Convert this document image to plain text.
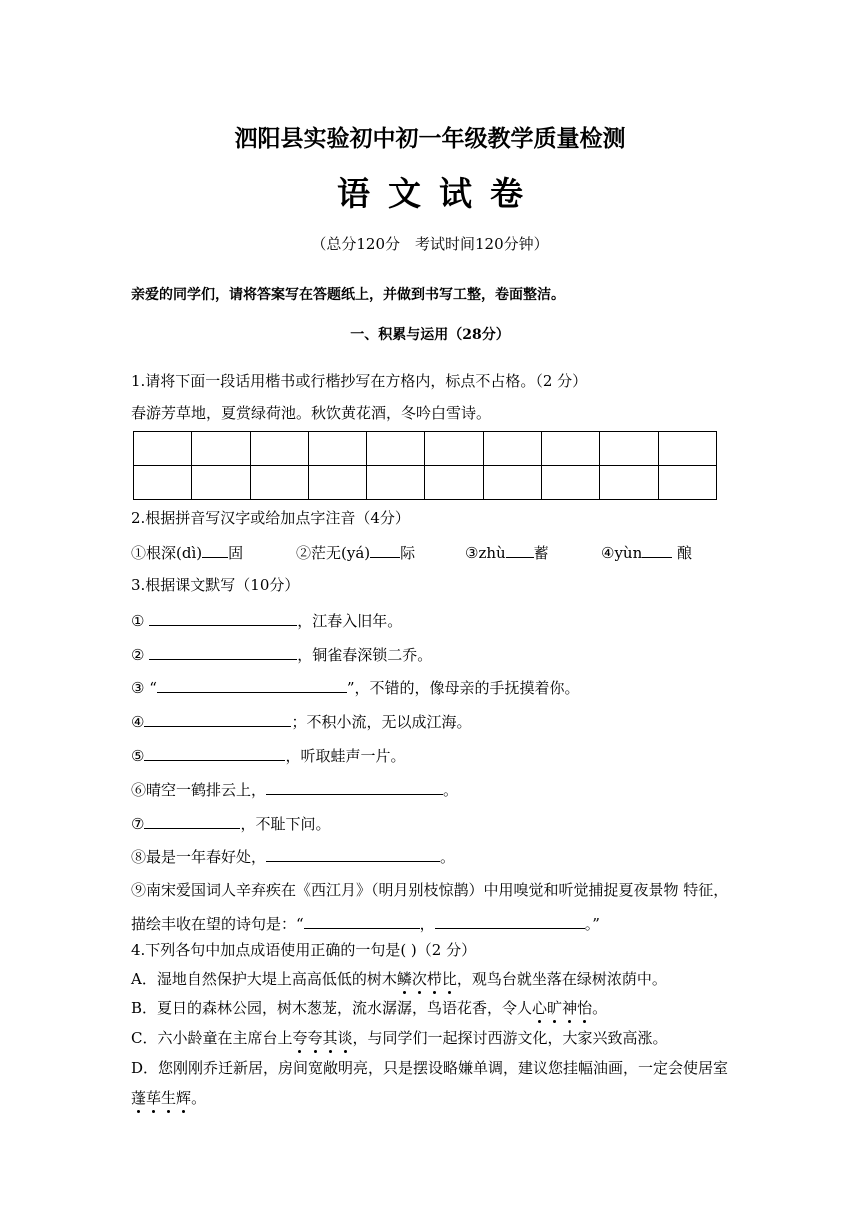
泗阳县实验初中初一年级教学质量检测
语文试卷
（总分120分　考试时间120分钟）
亲爱的同学们，请将答案写在答题纸上，并做到书写工整，卷面整洁。
一、积累与运用（28分）
1.请将下面一段话用楷书或行楷抄写在方格内，标点不占格。（2 分）
春游芳草地，夏赏绿荷池。秋饮黄花酒，冬吟白雪诗。

2.根据拼音写汉字或给加点字注音（4分）
①根深(dì) 固	②茫无(yá) 际	③zhù 蓄	④yùn 酿
3.根据课文默写（10分）
①	，江春入旧年。
②	，铜雀春深锁二乔。
③ “	”，不错的，像母亲的手抚摸着你。
④	；不积小流，无以成江海。
⑤	，听取蛙声一片。
⑥晴空一鹤排云上，	。
⑦	，不耻下问。
⑧最是一年春好处，	。
⑨南宋爱国词人辛弃疾在《西江月》（明月别枝惊鹊）中用嗅觉和听觉捕捉夏夜景物 特征，
描绘丰收在望的诗句是：“	，	。”
4.下列各句中加点成语使用正确的一句是( )（2 分）
A．湿地自然保护大堤上高高低低的树木鳞次栉比，观鸟台就坐落在绿树浓荫中。
B．夏日的森林公园，树木葱茏，流水潺潺，鸟语花香，令人心旷神怡。
C．六小龄童在主席台上夸夸其谈，与同学们一起探讨西游文化，大家兴致高涨。
D．您刚刚乔迁新居，房间宽敞明亮，只是摆设略嫌单调，建议您挂幅油画，一定会使居室
蓬荜生辉。
